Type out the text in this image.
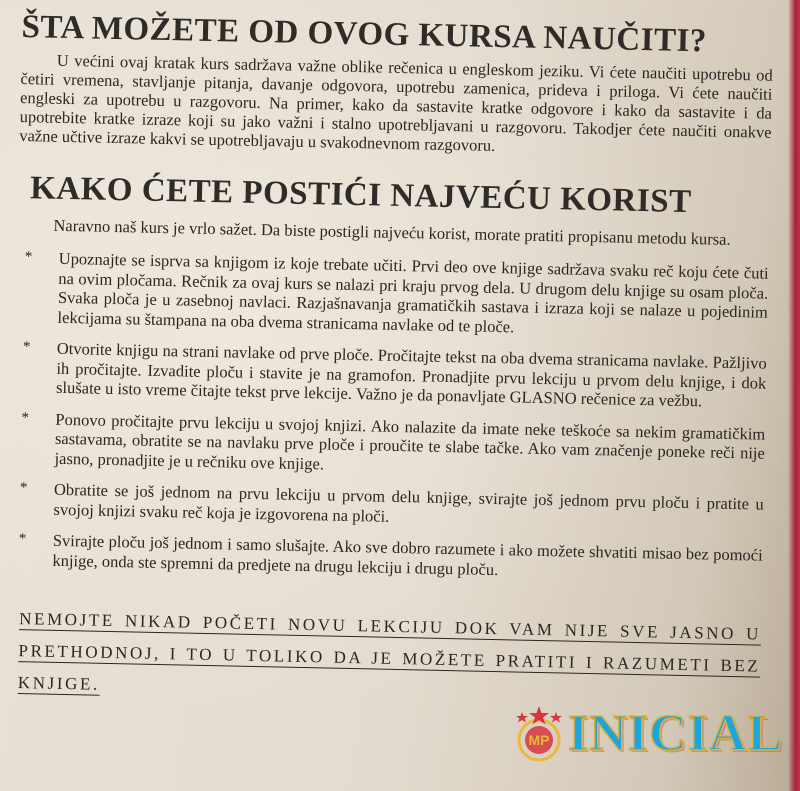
ŠTA MOŽETE OD OVOG KURSA NAUČITI?

U većini ovaj kratak kurs sadržava važne oblike rečenica u engleskom jeziku. Vi ćete naučiti upotrebu od četiri vremena, stavljanje pitanja, davanje odgovora, upotrebu zamenica, prideva i priloga. Vi ćete naučiti engleski za upotrebu u razgovoru. Na primer, kako da sastavite kratke odgovore i kako da sastavite i da upotrebite kratke izraze koji su jako važni i stalno upotrebljavani u razgovoru. Takodjer ćete naučiti onakve važne učtive izraze kakvi se upotrebljavaju u svakodnevnom razgovoru.

KAKO ĆETE POSTIĆI NAJVEĆU KORIST

Naravno naš kurs je vrlo sažet. Da biste postigli najveću korist, morate pratiti propisanu metodu kursa.

* Upoznajte se isprva sa knjigom iz koje trebate učiti. Prvi deo ove knjige sadržava svaku reč koju ćete čuti na ovim pločama. Rečnik za ovaj kurs se nalazi pri kraju prvog dela. U drugom delu knjige su osam ploča. Svaka ploča je u zasebnoj navlaci. Razjašnavanja gramatičkih sastava i izraza koji se nalaze u pojedinim lekcijama su štampana na oba dvema stranicama navlake od te ploče.
* Otvorite knjigu na strani navlake od prve ploče. Pročitajte tekst na oba dvema stranicama navlake. Pažljivo ih pročitajte. Izvadite ploču i stavite je na gramofon. Pronadjite prvu lekciju u prvom delu knjige, i dok slušate u isto vreme čitajte tekst prve lekcije. Važno je da ponavljate GLASNO rečenice za vežbu.
* Ponovo pročitajte prvu lekciju u svojoj knjizi. Ako nalazite da imate neke teškoće sa nekim gramatičkim sastavama, obratite se na navlaku prve ploče i proučite te slabe tačke. Ako vam značenje poneke reči nije jasno, pronadjite je u rečniku ove knjige.
* Obratite se još jednom na prvu lekciju u prvom delu knjige, svirajte još jednom prvu ploču i pratite u svojoj knjizi svaku reč koja je izgovorena na ploči.
* Svirajte ploču još jednom i samo slušajte. Ako sve dobro razumete i ako možete shvatiti misao bez pomoći knjige, onda ste spremni da predjete na drugu lekciju i drugu ploču.

NEMOJTE NIKAD POČETI NOVU LEKCIJU DOK VAM NIJE SVE JASNO U PRETHODNOJ, I TO U TOLIKO DA JE MOŽETE PRATITI I RAZUMETI BEZ KNJIGE.

MP INICIAL
